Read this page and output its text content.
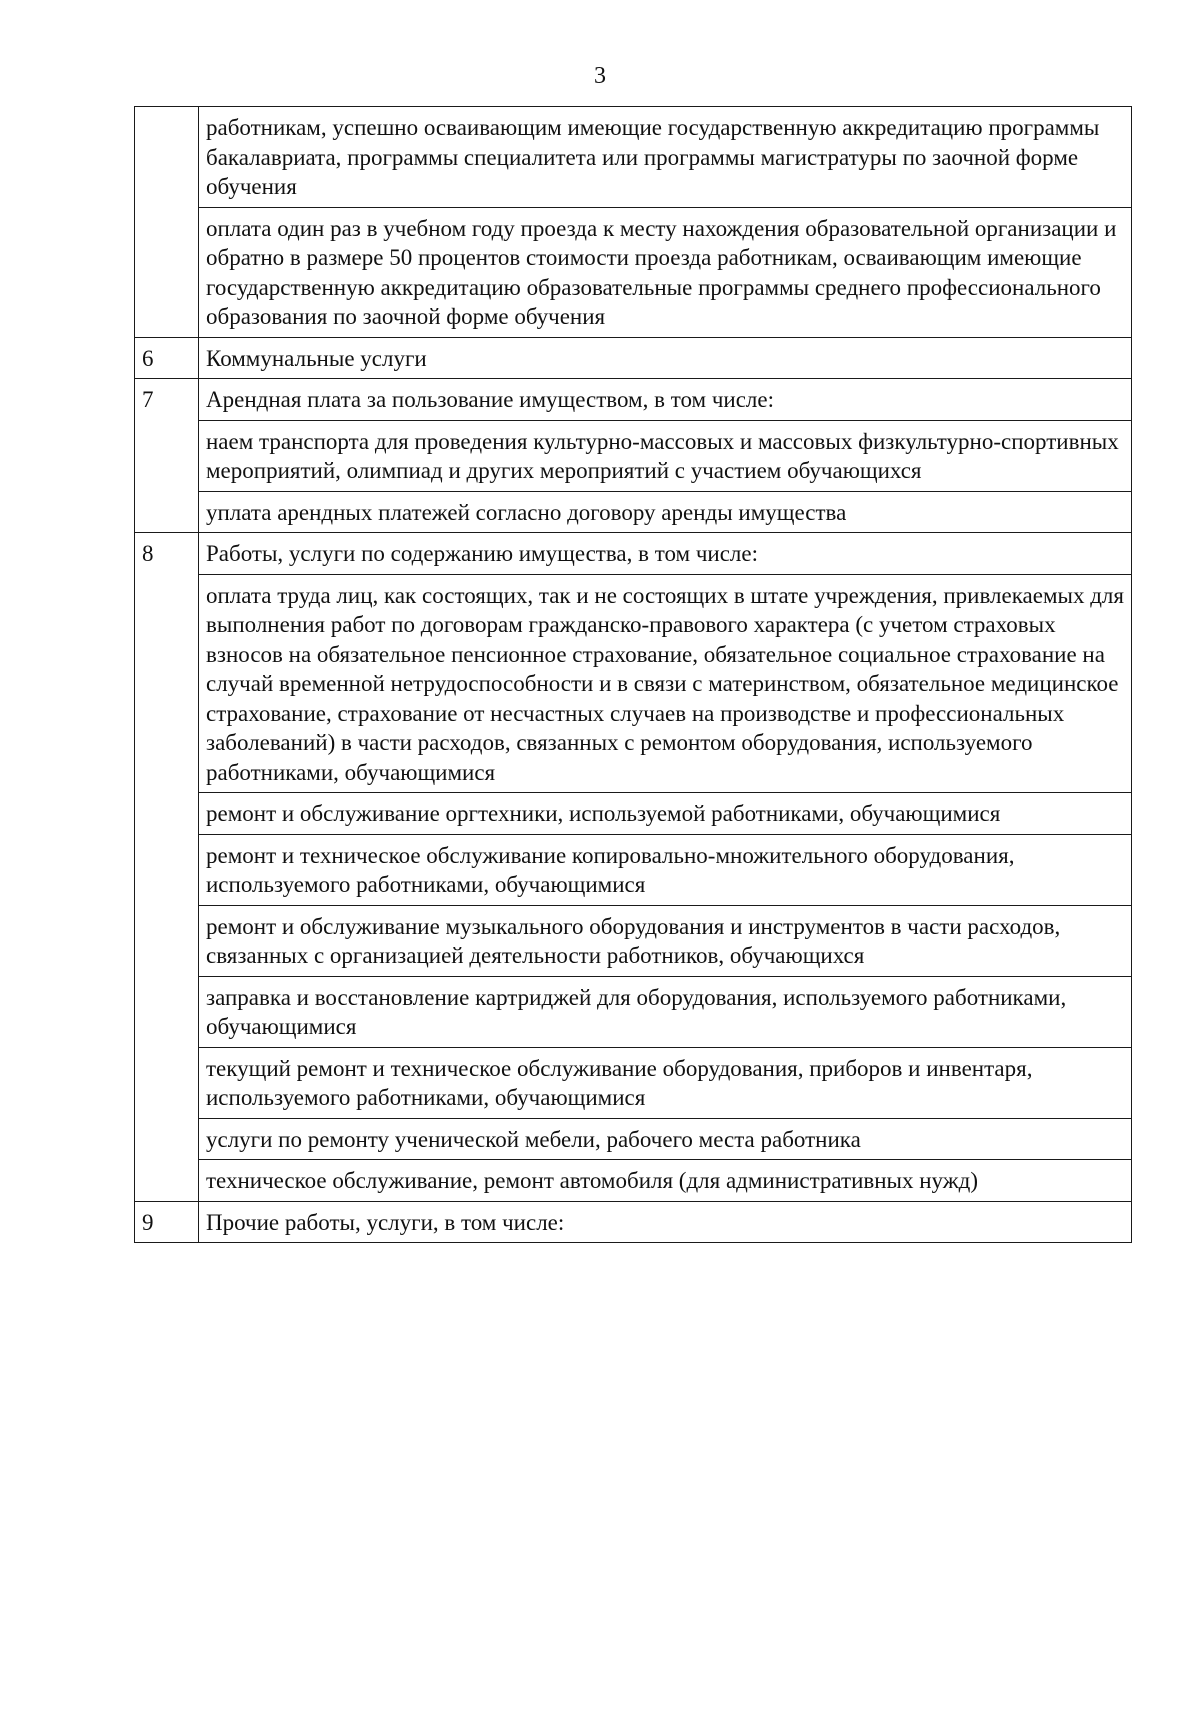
3
	работникам, успешно осваивающим имеющие государственную аккредитацию программы бакалавриата, программы специалитета или программы магистратуры по заочной форме обучения
	оплата один раз в учебном году проезда к месту нахождения образовательной организации и обратно в размере 50 процентов стоимости проезда работникам, осваивающим имеющие государственную аккредитацию образовательные программы среднего профессионального образования по заочной форме обучения
6	Коммунальные услуги
7	Арендная плата за пользование имуществом, в том числе:
	наем транспорта для проведения культурно-массовых и массовых физкультурно-спортивных мероприятий, олимпиад и других мероприятий с участием обучающихся
	уплата арендных платежей согласно договору аренды имущества
8	Работы, услуги по содержанию имущества, в том числе:
	оплата труда лиц, как состоящих, так и не состоящих в штате учреждения, привлекаемых для выполнения работ по договорам гражданско-правового характера (с учетом страховых взносов на обязательное пенсионное страхование, обязательное социальное страхование на случай временной нетрудоспособности и в связи с материнством, обязательное медицинское страхование, страхование от несчастных случаев на производстве и профессиональных заболеваний) в части расходов, связанных с ремонтом оборудования, используемого работниками, обучающимися
	ремонт и обслуживание оргтехники, используемой работниками, обучающимися
	ремонт и техническое обслуживание копировально-множительного оборудования, используемого работниками, обучающимися
	ремонт и обслуживание музыкального оборудования и инструментов в части расходов, связанных с организацией деятельности работников, обучающихся
	заправка и восстановление картриджей для оборудования, используемого работниками, обучающимися
	текущий ремонт и техническое обслуживание оборудования, приборов и инвентаря, используемого работниками, обучающимися
	услуги по ремонту ученической мебели, рабочего места работника
	техническое обслуживание, ремонт автомобиля (для административных нужд)
9	Прочие работы, услуги, в том числе:
